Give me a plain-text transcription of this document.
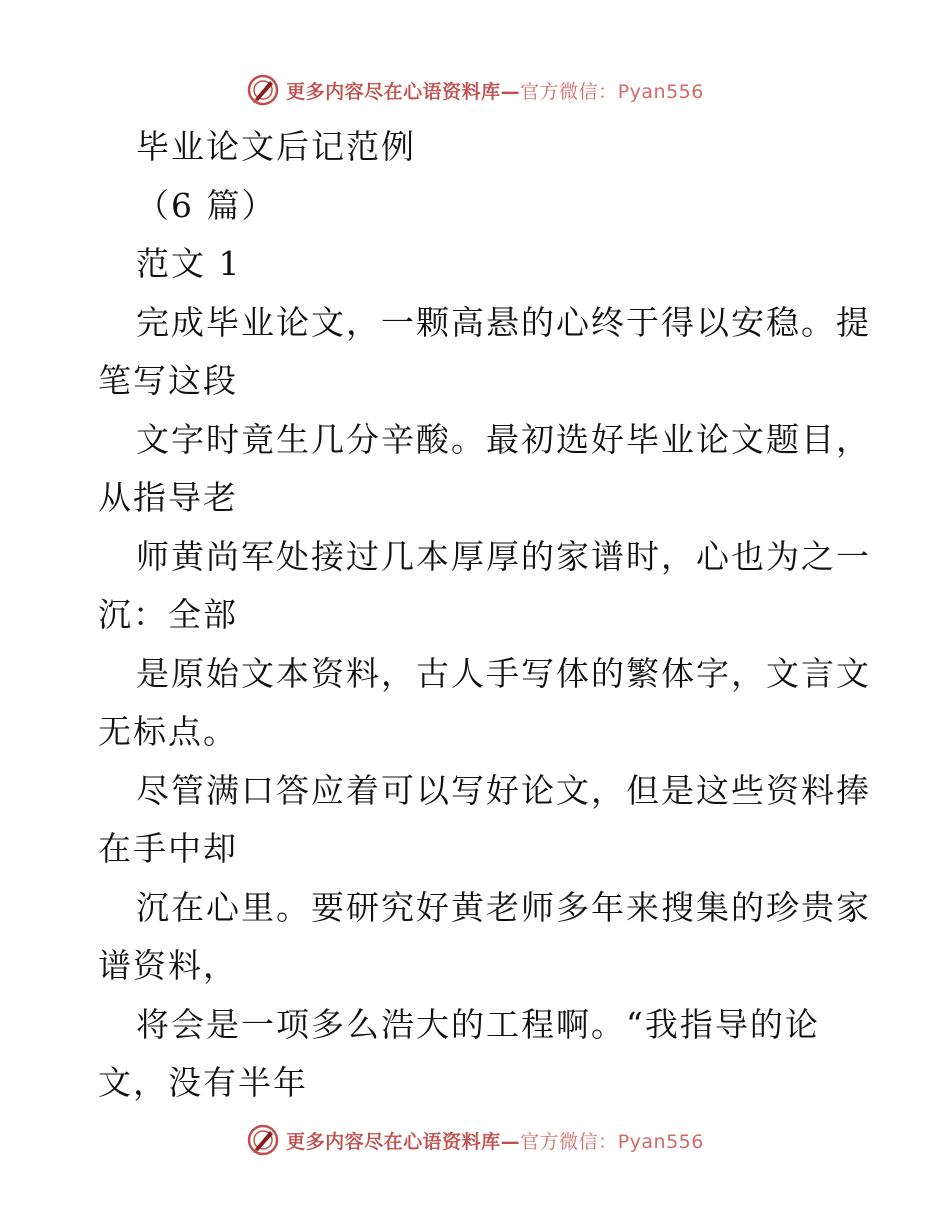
更多内容尽在心语资料库—官方微信：Pyan556
毕业论文后记范例
（6 篇）
范文 1
完成毕业论文，一颗高悬的心终于得以安稳。提
笔写这段
文字时竟生几分辛酸。最初选好毕业论文题目，
从指导老
师黄尚军处接过几本厚厚的家谱时，心也为之一
沉：全部
是原始文本资料，古人手写体的繁体字，文言文
无标点。
尽管满口答应着可以写好论文，但是这些资料捧
在手中却
沉在心里。要研究好黄老师多年来搜集的珍贵家
谱资料，
将会是一项多么浩大的工程啊。“我指导的论
文，没有半年
更多内容尽在心语资料库—官方微信：Pyan556
